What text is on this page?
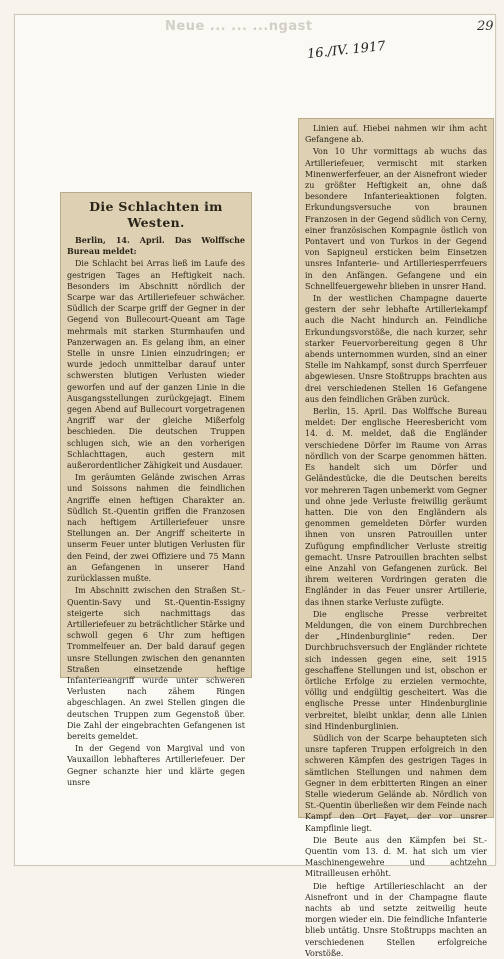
Neue ... ... ...ngast
16./IV. 1917
29
Die Schlachten im Westen.

Berlin, 14. April. Das Wolffsche Bureau meldet:

Die Schlacht bei Arras ließ im Laufe des gestrigen Tages an Heftigkeit nach. Besonders im Abschnitt nördlich der Scarpe war das Artilleriefeuer schwächer. Südlich der Scarpe griff der Gegner in der Gegend von Bullecourt-Queant am Tage mehrmals mit starken Sturmhaufen und Panzerwagen an. Es gelang ihm, an einer Stelle in unsre Linien einzudringen; er wurde jedoch unmittelbar darauf unter schwersten blutigen Verlusten wieder geworfen und auf der ganzen Linie in die Ausgangsstellungen zurückgejagt. Einem gegen Abend auf Bullecourt vorgetragenen Angriff war der gleiche Mißerfolg beschieden. Die deutschen Truppen schlugen sich, wie an den vorherigen Schlachttagen, auch gestern mit außerordentlicher Zähigkeit und Ausdauer.

Im geräumten Gelände zwischen Arras und Soissons nahmen die feindlichen Angriffe einen heftigen Charakter an. Südlich St.-Quentin griffen die Franzosen nach heftigem Artilleriefeuer unsre Stellungen an. Der Angriff scheiterte in unserm Feuer unter blutigen Verlusten für den Feind, der zwei Offiziere und 75 Mann an Gefangenen in unserer Hand zurücklassen mußte.

Im Abschnitt zwischen den Straßen St.-Quentin-Savy und St.-Quentin-Essigny steigerte sich nachmittags das Artilleriefeuer zu beträchtlicher Stärke und schwoll gegen 6 Uhr zum heftigen Trommelfeuer an. Der bald darauf gegen unsre Stellungen zwischen den genannten Straßen einsetzende heftige Infanterieangriff wurde unter schweren Verlusten nach zähem Ringen abgeschlagen. An zwei Stellen gingen die deutschen Truppen zum Gegenstoß über. Die Zahl der eingebrachten Gefangenen ist bereits gemeldet.

In der Gegend von Margival und von Vauxaillon lebhafteres Artilleriefeuer. Der Gegner schanzte hier und klärte gegen unsre

Linien auf. Hiebei nahmen wir ihm acht Gefangene ab.

Von 10 Uhr vormittags ab wuchs das Artilleriefeuer, vermischt mit starken Minenwerferfeuer, an der Aisnefront wieder zu größter Heftigkeit an, ohne daß besondere Infanterieaktionen folgten. Erkundungsversuche von braunen Franzosen in der Gegend südlich von Cerny, einer französischen Kompagnie östlich von Pontavert und von Turkos in der Gegend von Sapigneul ersticken beim Einsetzen unsres Infanterie- und Artilleriesperrfeuers in den Anfängen. Gefangene und ein Schnellfeuergewehr blieben in unsrer Hand.

In der westlichen Champagne dauerte gestern der sehr lebhafte Artilleriekampf auch die Nacht hindurch an. Feindliche Erkundungsvorstöße, die nach kurzer, sehr starker Feuervorbereitung gegen 8 Uhr abends unternommen wurden, sind an einer Stelle im Nahkampf, sonst durch Sperrfeuer abgewiesen. Unsre Stoßtrupps brachten aus drei verschiedenen Stellen 16 Gefangene aus den feindlichen Gräben zurück.

Berlin, 15. April. Das Wolffsche Bureau meldet: Der englische Heeresbericht vom 14. d. M. meldet, daß die Engländer verschiedene Dörfer im Raume von Arras nördlich von der Scarpe genommen hätten. Es handelt sich um Dörfer und Geländestücke, die die Deutschen bereits vor mehreren Tagen unbemerkt vom Gegner und ohne jede Verluste freiwillig geräumt hatten. Die von den Engländern als genommen gemeldeten Dörfer wurden ihnen von unsren Patrouillen unter Zufügung empfindlicher Verluste streitig gemacht. Unsre Patrouillen brachten selbst eine Anzahl von Gefangenen zurück. Bei ihrem weiteren Vordringen geraten die Engländer in das Feuer unsrer Artillerie, das ihnen starke Verluste zufügte.

Die englische Presse verbreitet Meldungen, die von einem Durchbrechen der „Hindenburglinie“ reden. Der Durchbruchsversuch der Engländer richtete sich indessen gegen eine, seit 1915 geschaffene Stellungen und ist, obschon er örtliche Erfolge zu erzielen vermochte, völlig und endgültig gescheitert. Was die englische Presse unter Hindenburglinie verbreitet, bleibt unklar, denn alle Linien sind Hindenburglinien.

Südlich von der Scarpe behaupteten sich unsre tapferen Truppen erfolgreich in den schweren Kämpfen des gestrigen Tages in sämtlichen Stellungen und nahmen dem Gegner in dem erbitterten Ringen an einer Stelle wiederum Gelände ab. Nördlich von St.-Quentin überließen wir dem Feinde nach Kampf den Ort Fayet, der vor unsrer Kampflinie liegt.

Die Beute aus den Kämpfen bei St.-Quentin vom 13. d. M. hat sich um vier Maschinengewehre und achtzehn Mitrailleusen erhöht.

Die heftige Artillerieschlacht an der Aisnefront und in der Champagne flaute nachts ab und setzte zeitweilig heute morgen wieder ein. Die feindliche Infanterie blieb untätig. Unsre Stoßtrupps machten an verschiedenen Stellen erfolgreiche Vorstöße.
